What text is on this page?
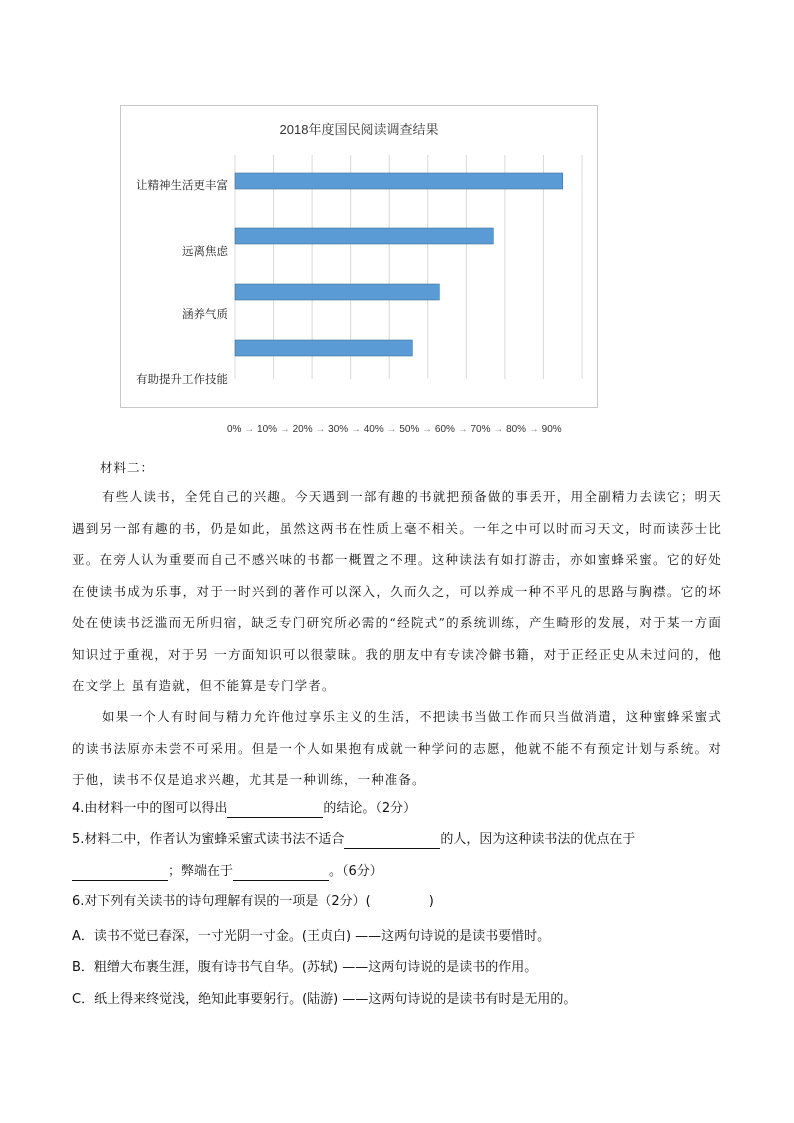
2018年度国民阅读调查结果
让精神生活更丰富
远离焦虑
涵养气质
有助提升工作技能
0% → 10% → 20% → 30% → 40% → 50% → 60% → 70% → 80% → 90%
材料二：

有些人读书，全凭自己的兴趣。今天遇到一部有趣的书就把预备做的事丢开，用全副精力去读它；明天遇到另一部有趣的书，仍是如此，虽然这两书在性质上毫不相关。一年之中可以时而习天文，时而读莎士比亚。在旁人认为重要而自己不感兴味的书都一概置之不理。这种读法有如打游击，亦如蜜蜂采蜜。它的好处在使读书成为乐事，对于一时兴到的著作可以深入，久而久之，可以养成一种不平凡的思路与胸襟。它的坏处在使读书泛滥而无所归宿，缺乏专门研究所必需的“经院式”的系统训练，产生畸形的发展，对于某一方面知识过于重视，对于另 一方面知识可以很蒙昧。我的朋友中有专读冷僻书籍，对于正经正史从未过问的，他在文学上 虽有造就，但不能算是专门学者。

如果一个人有时间与精力允许他过享乐主义的生活，不把读书当做工作而只当做消遣，这种蜜蜂采蜜式的读书法原亦未尝不可采用。但是一个人如果抱有成就一种学问的志愿，他就不能不有预定计划与系统。对于他，读书不仅是追求兴趣，尤其是一种训练，一种准备。

4.由材料一中的图可以得出	的结论。（2分）
5.材料二中，作者认为蜜蜂采蜜式读书法不适合	的人，因为这种读书法的优点在于
；弊端在于	。（6分）
6.对下列有关读书的诗句理解有误的一项是（2分）(	)
A．读书不觉已春深，一寸光阴一寸金。(王贞白) ——这两句诗说的是读书要惜时。
B．粗缯大布裹生涯，腹有诗书气自华。(苏轼) ——这两句诗说的是读书的作用。
C．纸上得来终觉浅，绝知此事要躬行。(陆游) ——这两句诗说的是读书有时是无用的。
